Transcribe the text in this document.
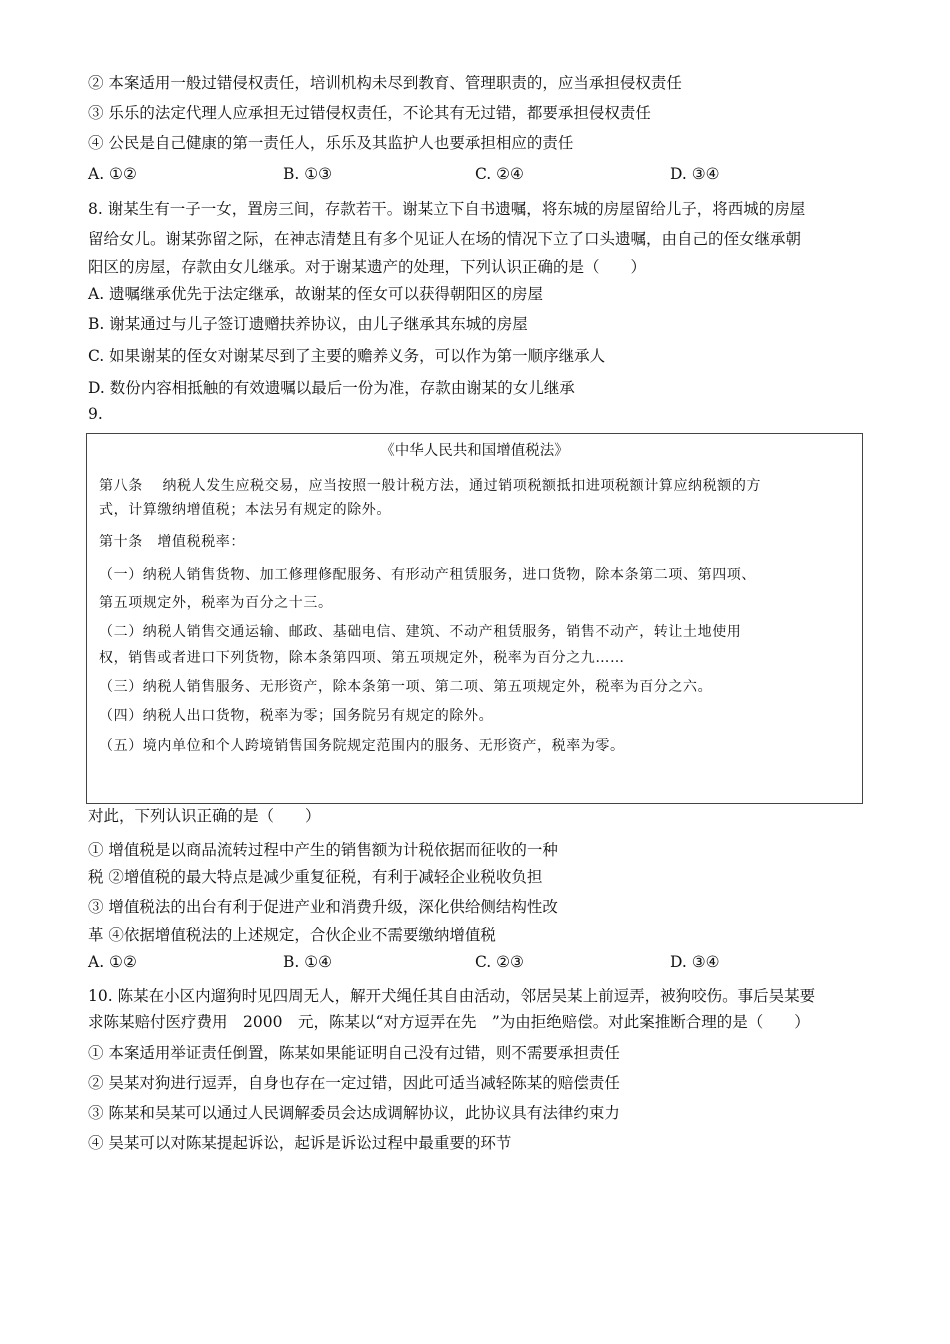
② 本案适用一般过错侵权责任，培训机构未尽到教育、管理职责的，应当承担侵权责任
③ 乐乐的法定代理人应承担无过错侵权责任，不论其有无过错，都要承担侵权责任
④ 公民是自己健康的第一责任人，乐乐及其监护人也要承担相应的责任
A. ①②	B. ①③	C. ②④	D. ③④
8. 谢某生有一子一女，置房三间，存款若干。谢某立下自书遗嘱，将东城的房屋留给儿子，将西城的房屋
留给女儿。谢某弥留之际，在神志清楚且有多个见证人在场的情况下立了口头遗嘱，由自己的侄女继承朝
阳区的房屋，存款由女儿继承。对于谢某遗产的处理，下列认识正确的是（　　）
A. 遗嘱继承优先于法定继承，故谢某的侄女可以获得朝阳区的房屋
B. 谢某通过与儿子签订遗赠扶养协议，由儿子继承其东城的房屋
C. 如果谢某的侄女对谢某尽到了主要的赡养义务，可以作为第一顺序继承人
D. 数份内容相抵触的有效遗嘱以最后一份为准，存款由谢某的女儿继承
9.
《中华人民共和国增值税法》
第八条　 纳税人发生应税交易，应当按照一般计税方法，通过销项税额抵扣进项税额计算应纳税额的方
式，计算缴纳增值税；本法另有规定的除外。
第十条　增值税税率：
（一）纳税人销售货物、加工修理修配服务、有形动产租赁服务，进口货物，除本条第二项、第四项、
第五项规定外，税率为百分之十三。
（二）纳税人销售交通运输、邮政、基础电信、建筑、不动产租赁服务，销售不动产，转让土地使用
权，销售或者进口下列货物，除本条第四项、第五项规定外，税率为百分之九……
（三）纳税人销售服务、无形资产，除本条第一项、第二项、第五项规定外，税率为百分之六。
（四）纳税人出口货物，税率为零；国务院另有规定的除外。
（五）境内单位和个人跨境销售国务院规定范围内的服务、无形资产，税率为零。
对此，下列认识正确的是（　　）
① 增值税是以商品流转过程中产生的销售额为计税依据而征收的一种
税 ②增值税的最大特点是减少重复征税，有利于减轻企业税收负担
③ 增值税法的出台有利于促进产业和消费升级，深化供给侧结构性改
革 ④依据增值税法的上述规定，合伙企业不需要缴纳增值税
A. ①②	B. ①④	C. ②③	D. ③④
10. 陈某在小区内遛狗时见四周无人，解开犬绳任其自由活动，邻居吴某上前逗弄，被狗咬伤。事后吴某要
求陈某赔付医疗费用　2000　元，陈某以“对方逗弄在先　”为由拒绝赔偿。对此案推断合理的是（　　）
① 本案适用举证责任倒置，陈某如果能证明自己没有过错，则不需要承担责任
② 吴某对狗进行逗弄，自身也存在一定过错，因此可适当减轻陈某的赔偿责任
③ 陈某和吴某可以通过人民调解委员会达成调解协议，此协议具有法律约束力
④ 吴某可以对陈某提起诉讼，起诉是诉讼过程中最重要的环节
